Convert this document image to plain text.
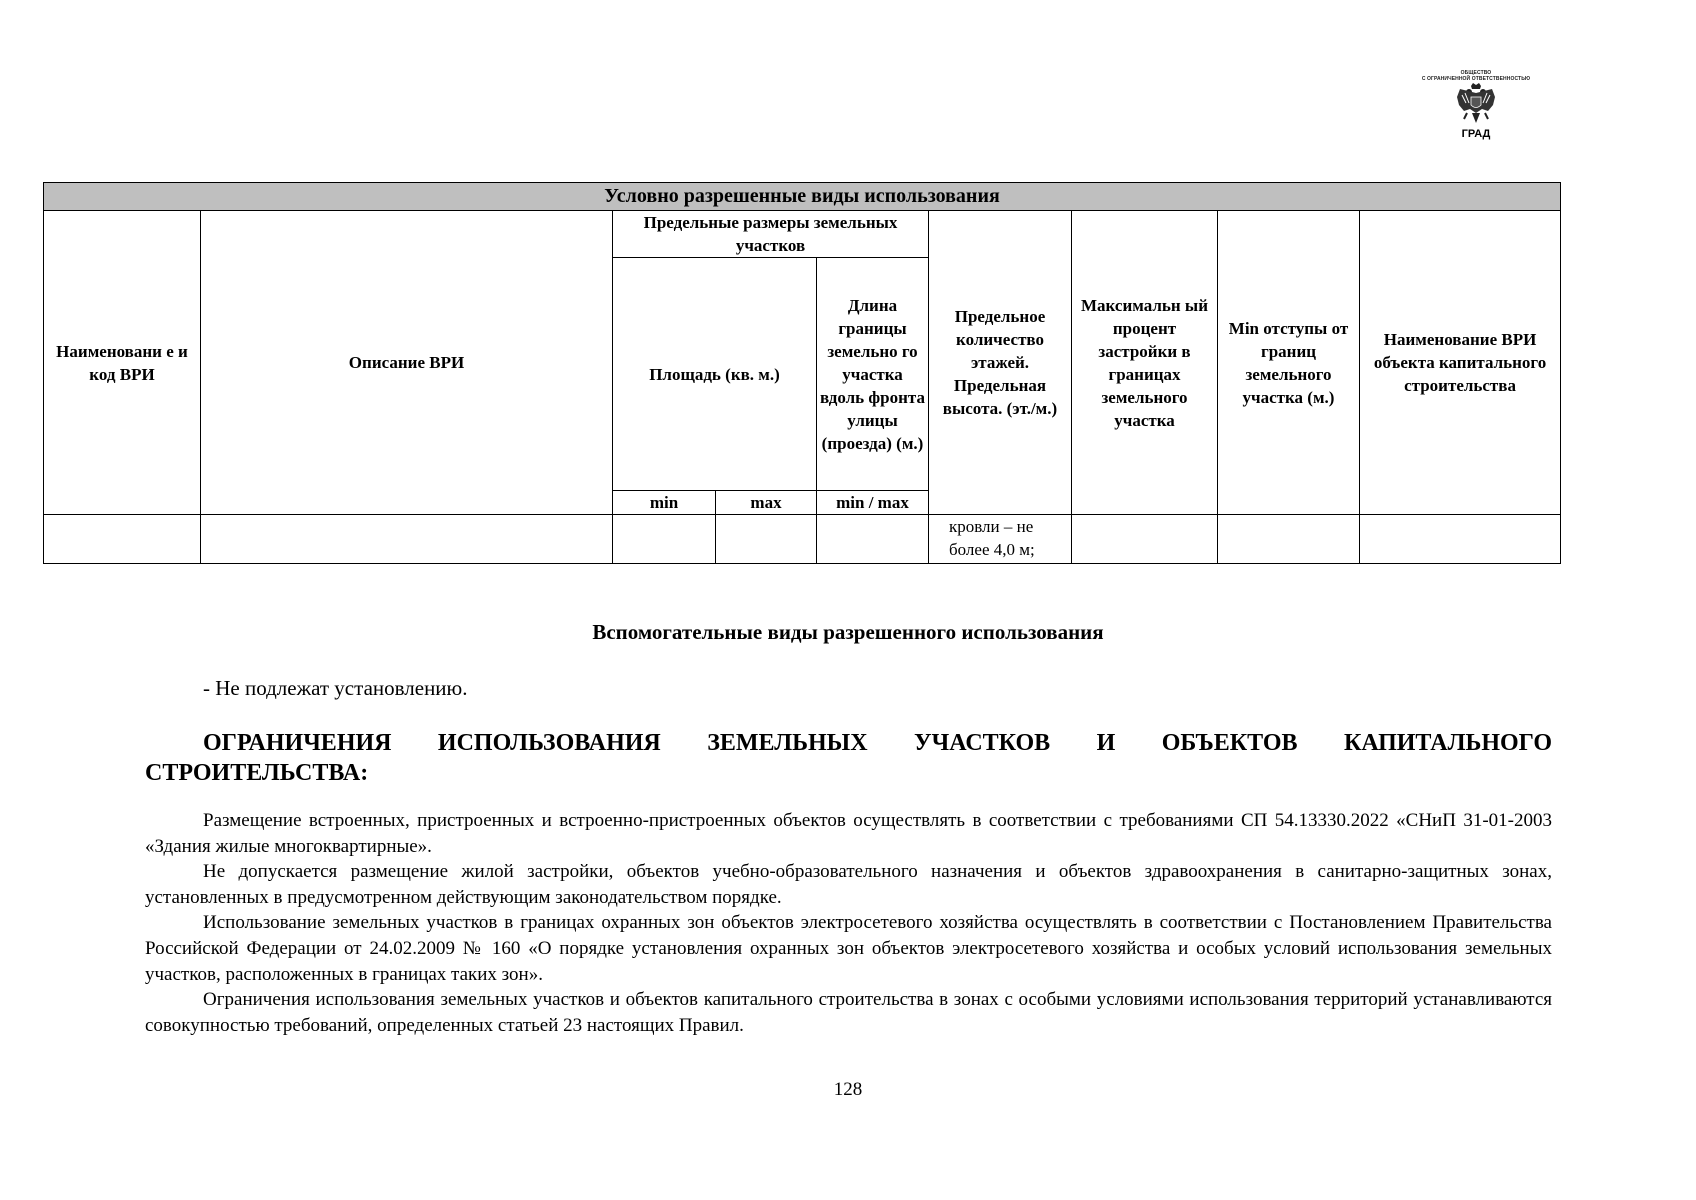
ОБЩЕСТВО
С ОГРАНИЧЕННОЙ ОТВЕТСТВЕННОСТЬЮ
ГРАД
Условно разрешенные виды использования								
Наименовани е и код ВРИ	Описание ВРИ	Предельные размеры земельных участков			Предельное количество этажей. Предельная высота. (эт./м.)	Максимальн ый процент застройки в границах земельного участка	Min отступы от границ земельного участка (м.)	Наименование ВРИ объекта капитального строительства
		Площадь (кв. м.)		Длина границы земельно го участка вдоль фронта улицы (проезда) (м.)				
		min	max	min / max				
					кровли – не более 4,0 м;			
Вспомогательные виды разрешенного использования
- Не подлежат установлению.
ОГРАНИЧЕНИЯ ИСПОЛЬЗОВАНИЯ ЗЕМЕЛЬНЫХ УЧАСТКОВ И ОБЪЕКТОВ КАПИТАЛЬНОГО
СТРОИТЕЛЬСТВА:

Размещение встроенных, пристроенных и встроенно-пристроенных объектов осуществлять в соответствии с требованиями СП 54.13330.2022 «СНиП 31-01-2003 «Здания жилые многоквартирные».

Не допускается размещение жилой застройки, объектов учебно-образовательного назначения и объектов здравоохранения в санитарно-защитных зонах, установленных в предусмотренном действующим законодательством порядке.

Использование земельных участков в границах охранных зон объектов электросетевого хозяйства осуществлять в соответствии с Постановлением Правительства Российской Федерации от 24.02.2009 № 160 «О порядке установления охранных зон объектов электросетевого хозяйства и особых условий использования земельных участков, расположенных в границах таких зон».

Ограничения использования земельных участков и объектов капитального строительства в зонах с особыми условиями использования территорий устанавливаются совокупностью требований, определенных статьей 23 настоящих Правил.

128
